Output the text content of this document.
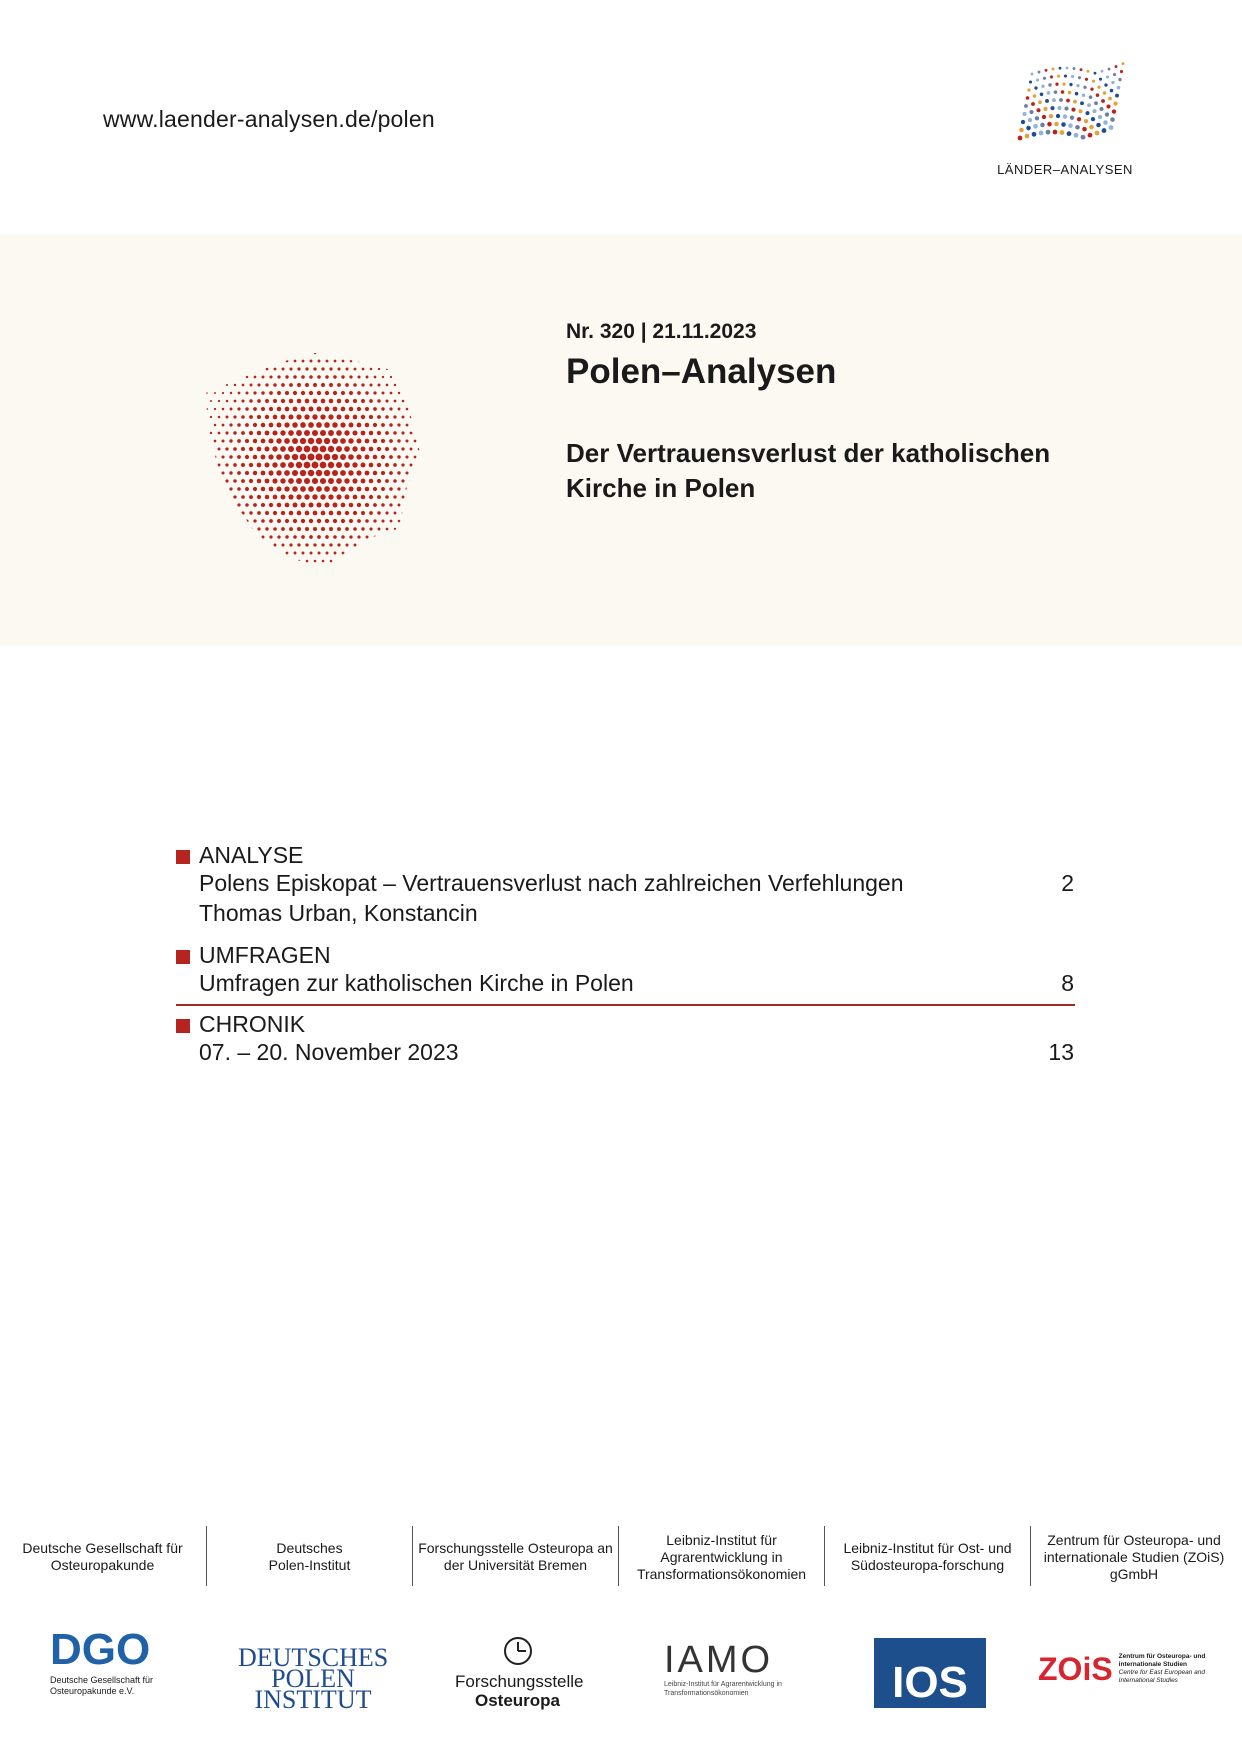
www.laender-analysen.de/polen
LÄNDER–ANALYSEN
Nr. 320 | 21.11.2023
Polen–Analysen
Der Vertrauensverlust der katholischen Kirche in Polen
ANALYSE
Polens Episkopat – Vertrauensverlust nach zahlreichen Verfehlungen	2
Thomas Urban, Konstancin
UMFRAGEN
Umfragen zur katholischen Kirche in Polen	8
CHRONIK
07. – 20. November 2023	13
Deutsche Gesellschaft für Osteuropakunde
Deutsches Polen-Institut
Forschungsstelle Osteuropa an der Universität Bremen
Leibniz-Institut für Agrarentwicklung in Transformationsökonomien
Leibniz-Institut für Ost- und Südosteuropa-forschung
Zentrum für Osteuropa- und internationale Studien (ZOiS) gGmbH
DGO
Deutsche Gesellschaft für Osteuropakunde e.V.
DEUTSCHES POLEN INSTITUT
Forschungsstelle
Osteuropa
IAMO
Leibniz-Institut für Agrarentwicklung in Transformationsökonomien	IOS ZOiS Zentrum für Osteuropa- und internationale Studien
Centre for East European and International Studies
